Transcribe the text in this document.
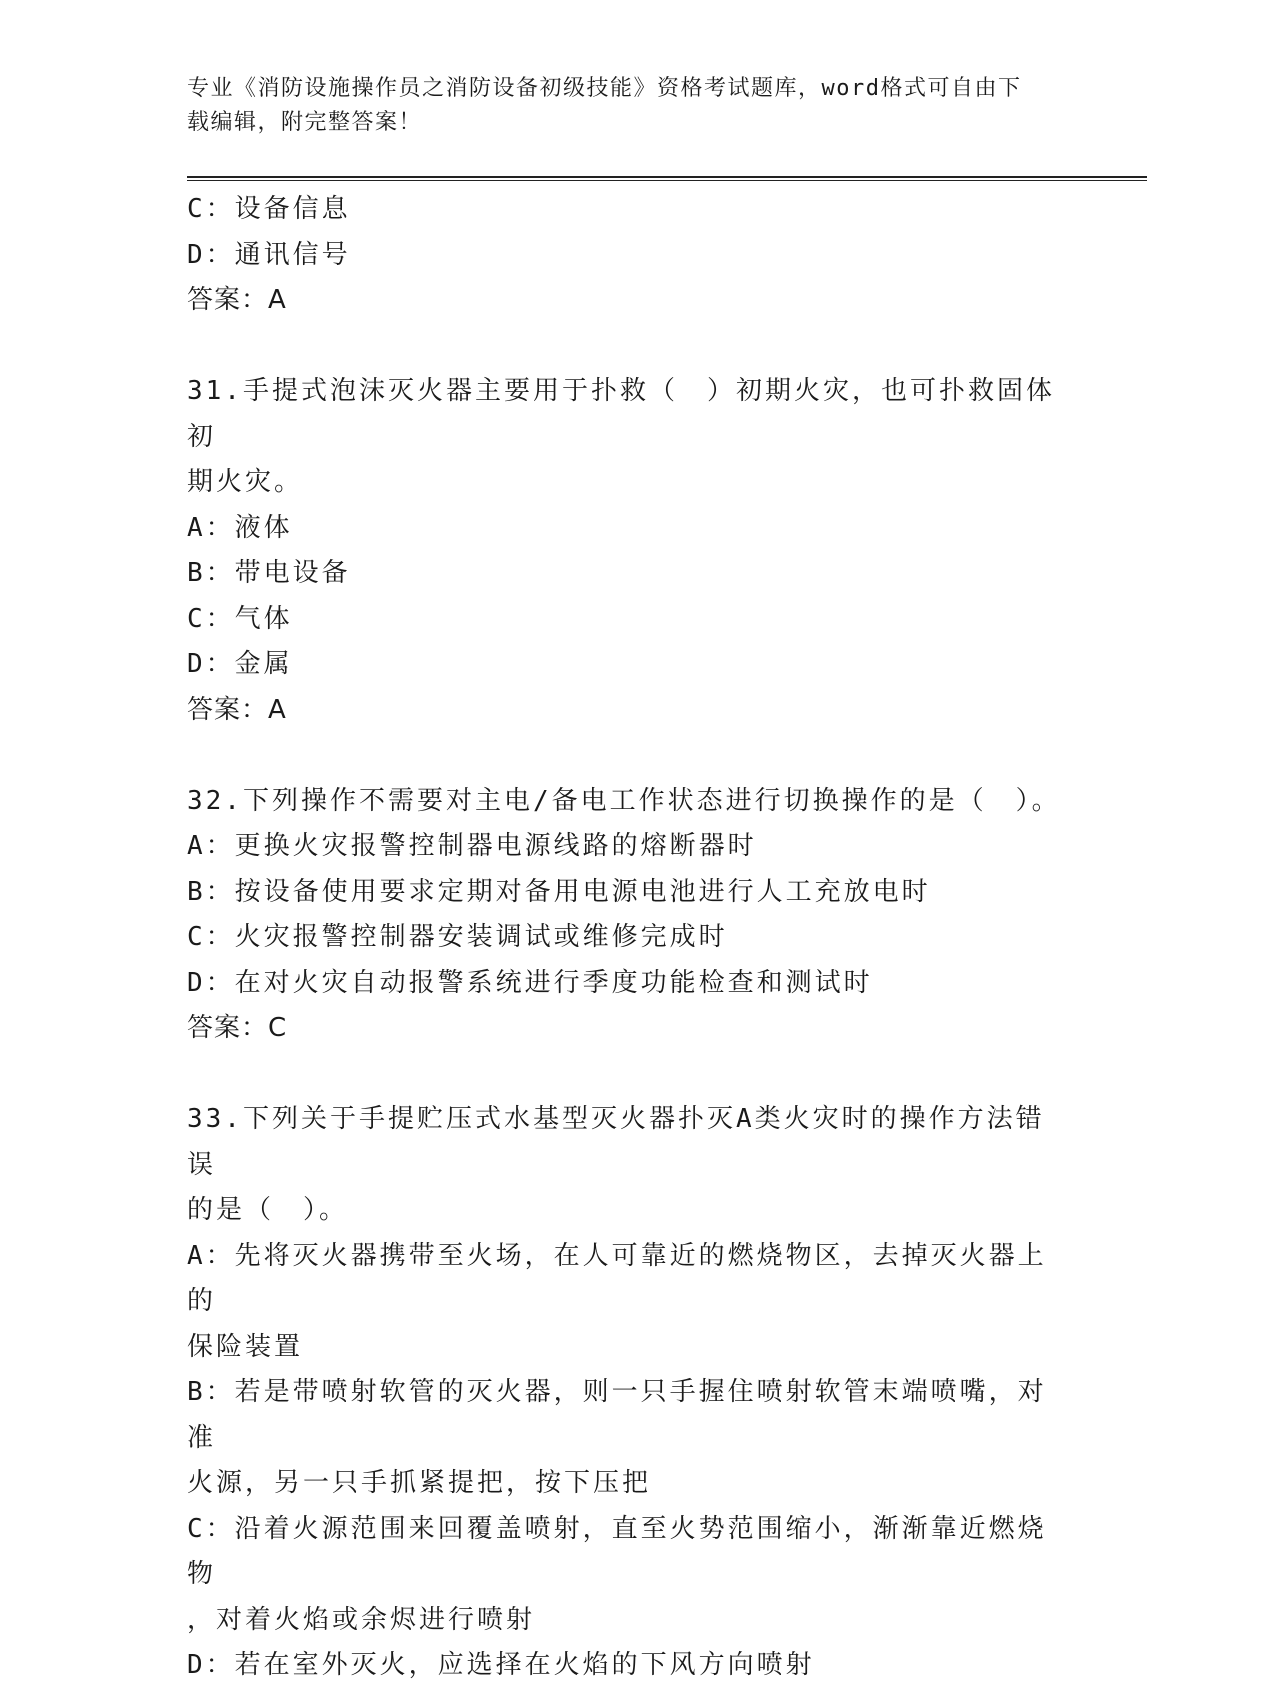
专业《消防设施操作员之消防设备初级技能》资格考试题库，word格式可自由下
载编辑，附完整答案！
C：设备信息
D：通讯信号
答案：A
31.手提式泡沫灭火器主要用于扑救（　）初期火灾，也可扑救固体初
期火灾。
A：液体
B：带电设备
C：气体
D：金属
答案：A
32.下列操作不需要对主电/备电工作状态进行切换操作的是（　）。
A：更换火灾报警控制器电源线路的熔断器时
B：按设备使用要求定期对备用电源电池进行人工充放电时
C：火灾报警控制器安装调试或维修完成时
D：在对火灾自动报警系统进行季度功能检查和测试时
答案：C
33.下列关于手提贮压式水基型灭火器扑灭A类火灾时的操作方法错误
的是（　）。
A：先将灭火器携带至火场，在人可靠近的燃烧物区，去掉灭火器上的
保险装置
B：若是带喷射软管的灭火器，则一只手握住喷射软管末端喷嘴，对准
火源，另一只手抓紧提把，按下压把
C：沿着火源范围来回覆盖喷射，直至火势范围缩小，渐渐靠近燃烧物
，对着火焰或余烬进行喷射
D：若在室外灭火，应选择在火焰的下风方向喷射
